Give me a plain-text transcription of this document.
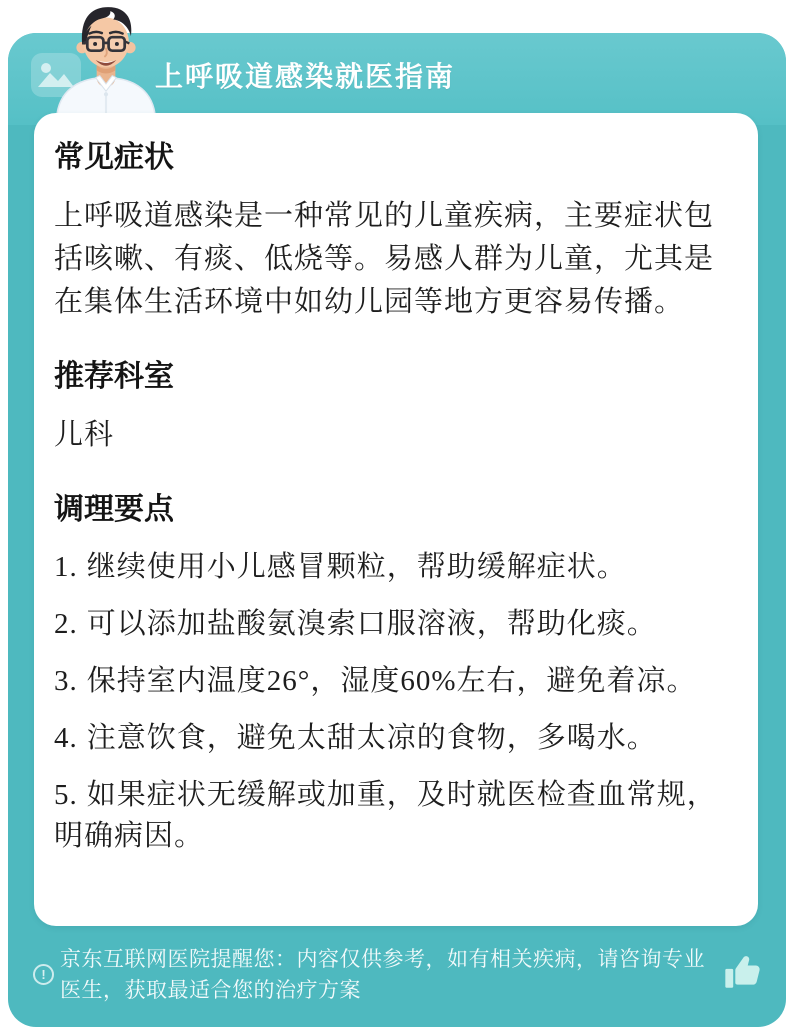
上呼吸道感染就医指南
常见症状

上呼吸道感染是一种常见的儿童疾病，主要症状包括咳嗽、有痰、低烧等。易感人群为儿童，尤其是在集体生活环境中如幼儿园等地方更容易传播。

推荐科室

儿科

调理要点
1. 继续使用小儿感冒颗粒，帮助缓解症状。
2. 可以添加盐酸氨溴索口服溶液，帮助化痰。
3. 保持室内温度26°，湿度60%左右，避免着凉。
4. 注意饮食，避免太甜太凉的食物，多喝水。
5. 如果症状无缓解或加重，及时就医检查血常规，明确病因。
!

京东互联网医院提醒您：内容仅供参考，如有相关疾病，请咨询专业医生，获取最适合您的治疗方案
